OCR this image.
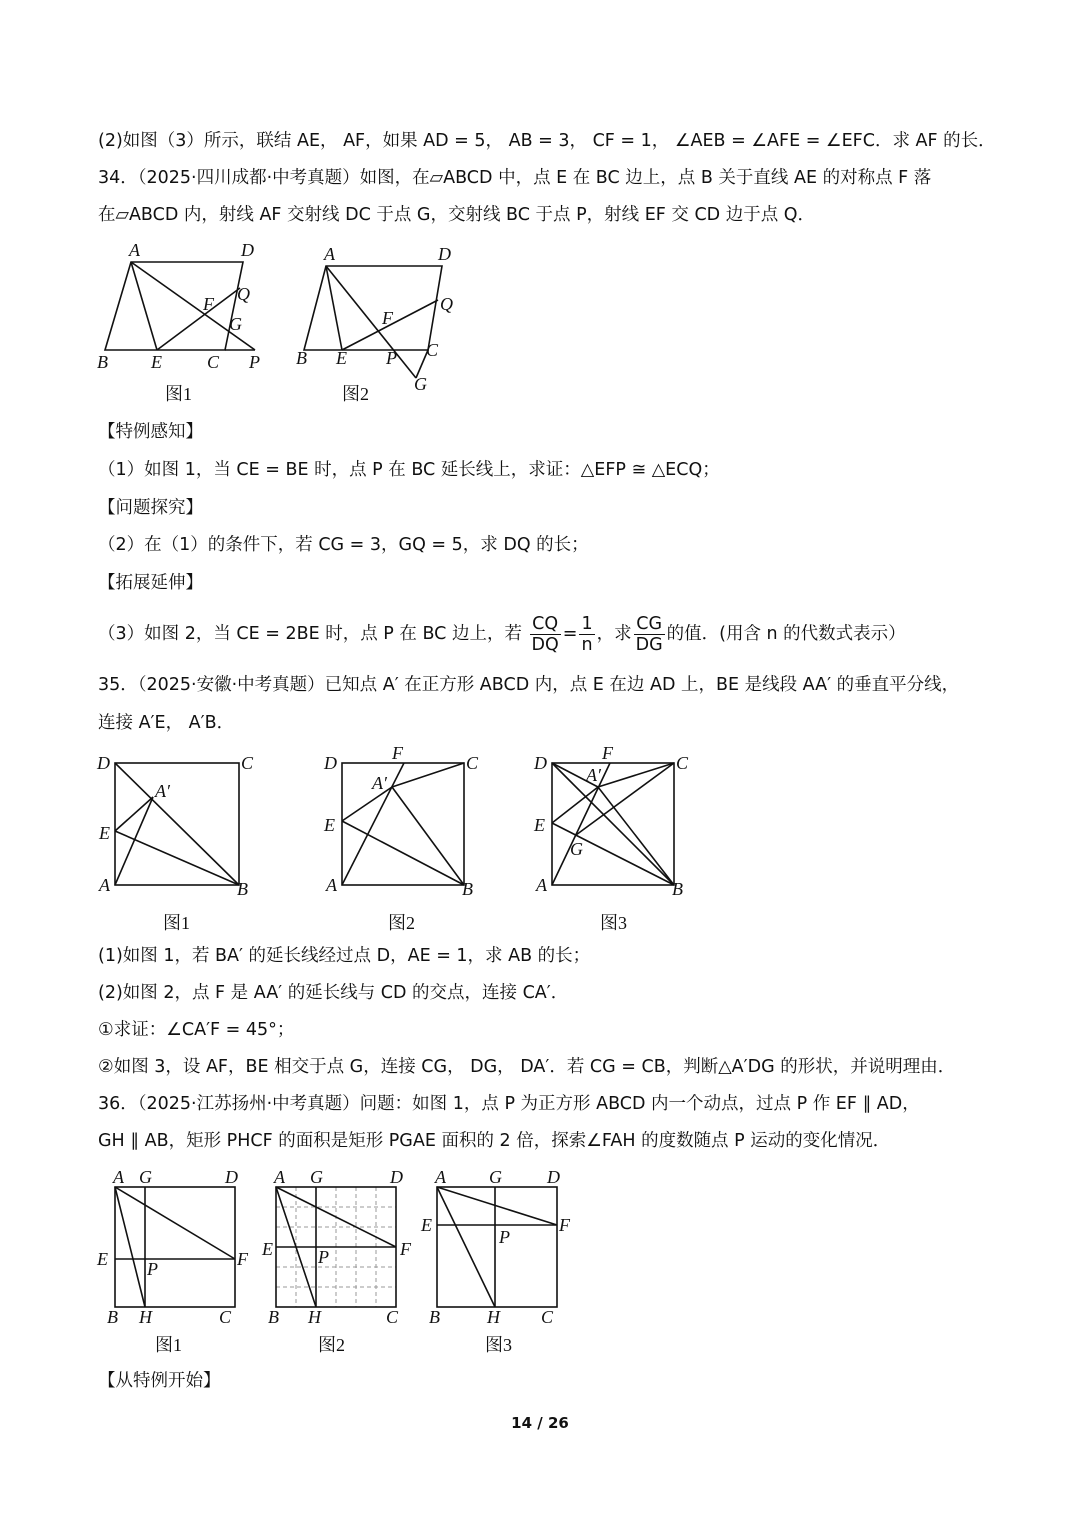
(2)如图（3）所示，联结 AE， AF，如果 AD = 5， AB = 3， CF = 1， ∠AEB = ∠AFE = ∠EFC．求 AF 的长．
34．（2025·四川成都·中考真题）如图，在▱ABCD 中，点 E 在 BC 边上，点 B 关于直线 AE 的对称点 F 落
在▱ABCD 内，射线 AF 交射线 DC 于点 G，交射线 BC 于点 P，射线 EF 交 CD 边于点 Q．
A	D
F Q
G
B E	C P
图1
A	D
F
Q
C
B E P
G
图2
【特例感知】
（1）如图 1，当 CE = BE 时，点 P 在 BC 延长线上，求证：△EFP ≅ △ECQ；
【问题探究】
（2）在（1）的条件下，若 CG = 3，GQ = 5，求 DQ 的长；
【拓展延伸】
（3）如图 2，当 CE = 2BE 时，点 P 在 BC 边上，若 $\frac{CQ}{DQ} = \frac{1}{n}$ ，求 $\frac{CG}{DG}$ 的值．(用含 n 的代数式表示）
35．（2025·安徽·中考真题）已知点 A′ 在正方形 ABCD 内，点 E 在边 AD 上，BE 是线段 AA′ 的垂直平分线，
连接 A′E， A′B．
D	C
A′
E
A	B
图1
D	F	C
A′
E
A	B
图2
D	F	C
A′
E
G
A	B
图3
(1)如图 1，若 BA′ 的延长线经过点 D，AE = 1，求 AB 的长；
(2)如图 2，点 F 是 AA′ 的延长线与 CD 的交点，连接 CA′．
①求证：∠CA′F = 45°；
②如图 3，设 AF，BE 相交于点 G，连接 CG， DG， DA′．若 CG = CB，判断△A′DG 的形状，并说明理由．
36．（2025·江苏扬州·中考真题）问题：如图 1，点 P 为正方形 ABCD 内一个动点，过点 P 作 EF ∥ AD，
GH ∥ AB，矩形 PHCF 的面积是矩形 PGAE 面积的 2 倍，探索∠FAH 的度数随点 P 运动的变化情况．
A G	D
E P	F
B H	C
图1
A G	D
E	P	F
B H	C
图2
A G	D
E
P
F
B	H C
图3
【从特例开始】
14 / 26
